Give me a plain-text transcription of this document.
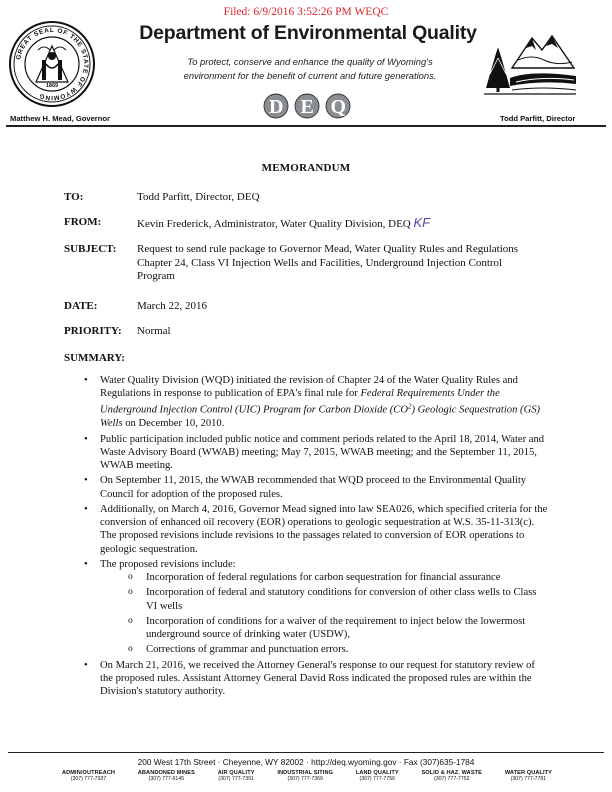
Filed: 6/9/2016 3:52:26 PM WEQC
GREAT SEAL OF THE STATE OF WYOMING
1869
Department of Environmental Quality
To protect, conserve and enhance the quality of Wyoming's
environment for the benefit of current and future generations.
D E Q
Matthew H. Mead, Governor	Todd Parfitt, Director
MEMORANDUM
TO:	Todd Parfitt, Director, DEQ
FROM:	Kevin Frederick, Administrator, Water Quality Division, DEQ KF
SUBJECT: Request to send rule package to Governor Mead, Water Quality Rules and Regulations
Chapter 24, Class VI Injection Wells and Facilities, Underground Injection Control
Program
DATE:	March 22, 2016
PRIORITY: Normal
SUMMARY:
• Water Quality Division (WQD) initiated the revision of Chapter 24 of the Water Quality Rules and Regulations in response to publication of EPA's final rule for Federal Requirements Under the Underground Injection Control (UIC) Program for Carbon Dioxide $(CO^2)$ Geologic Sequestration (GS) Wells on December 10, 2010.
• Public participation included public notice and comment periods related to the April 18, 2014, Water and Waste Advisory Board (WWAB) meeting; May 7, 2015, WWAB meeting; and the September 11, 2015, WWAB meeting.
• On September 11, 2015, the WWAB recommended that WQD proceed to the Environmental Quality Council for adoption of the proposed rules.
• Additionally, on March 4, 2016, Governor Mead signed into law SEA026, which specified criteria for the conversion of enhanced oil recovery (EOR) operations to geologic sequestration at W.S. 35-11-313(c). The proposed revisions include revisions to the passages related to conversion of EOR operations to geologic sequestration.
• The proposed revisions include:
o Incorporation of federal regulations for carbon sequestration for financial assurance
o Incorporation of federal and statutory conditions for conversion of other class wells to Class VI wells
o Incorporation of conditions for a waiver of the requirement to inject below the lowermost underground source of drinking water (USDW),
o Corrections of grammar and punctuation errors.
• On March 21, 2016, we received the Attorney General's response to our request for statutory review of the proposed rules. Assistant Attorney General David Ross indicated the proposed rules are within the Division's statutory authority.
200 West 17th Street · Cheyenne, WY 82002 · http://deq.wyoming.gov · Fax (307)635-1784
ADMIN/OUTREACH
(307) 777-7937
ABANDONED MINES
(307) 777-6145
AIR QUALITY
(307) 777-7391
INDUSTRIAL SITING
(307) 777-7369
LAND QUALITY
(307) 777-7756
SOLID & HAZ. WASTE
(307) 777-7752
WATER QUALITY
(307) 777-7781
